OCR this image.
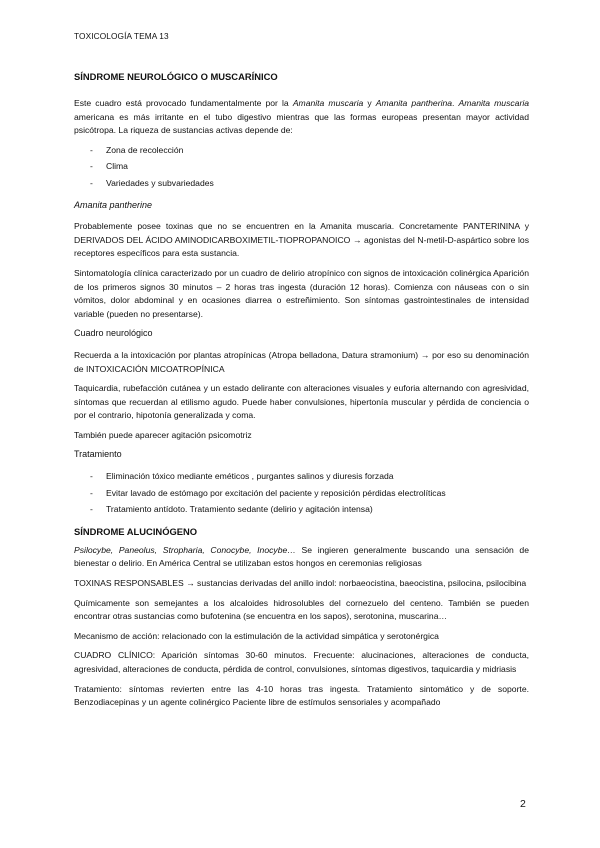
TOXICOLOGÍA TEMA 13
SÍNDROME NEUROLÓGICO O MUSCARÍNICO

Este cuadro está provocado fundamentalmente por la Amanita muscaria y Amanita pantherina. Amanita muscaria americana es más irritante en el tubo digestivo mientras que las formas europeas presentan mayor actividad psicótropa. La riqueza de sustancias activas depende de:

- Zona de recolección
- Clima
- Variedades y subvariedades
Amanita pantherine

Probablemente posee toxinas que no se encuentren en la Amanita muscaria. Concretamente PANTERININA y DERIVADOS DEL ÁCIDO AMINODICARBOXIMETIL-TIOPROPANOICO → agonistas del N-metil-D-aspártico sobre los receptores específicos para esta sustancia.

Sintomatología clínica caracterizado por un cuadro de delirio atropínico con signos de intoxicación colinérgica Aparición de los primeros signos 30 minutos – 2 horas tras ingesta (duración 12 horas). Comienza con náuseas con o sin vómitos, dolor abdominal y en ocasiones diarrea o estreñimiento. Son síntomas gastrointestinales de intensidad variable (pueden no presentarse).

Cuadro neurológico

Recuerda a la intoxicación por plantas atropínicas (Atropa belladona, Datura stramonium) → por eso su denominación de INTOXICACIÓN MICOATROPÍNICA

Taquicardia, rubefacción cutánea y un estado delirante con alteraciones visuales y euforia alternando con agresividad, síntomas que recuerdan al etilismo agudo. Puede haber convulsiones, hipertonía muscular y pérdida de conciencia o por el contrario, hipotonía generalizada y coma.

También puede aparecer agitación psicomotriz

Tratamiento
- Eliminación tóxico mediante eméticos , purgantes salinos y diuresis forzada
- Evitar lavado de estómago por excitación del paciente y reposición pérdidas electrolíticas
- Tratamiento antídoto. Tratamiento sedante (delirio y agitación intensa)
SÍNDROME ALUCINÓGENO

Psilocybe, Paneolus, Stropharia, Conocybe, Inocybe… Se ingieren generalmente buscando una sensación de bienestar o delirio. En América Central se utilizaban estos hongos en ceremonias religiosas

TOXINAS RESPONSABLES → sustancias derivadas del anillo indol: norbaeocistina, baeocistina, psilocina, psilocibina

Químicamente son semejantes a los alcaloides hidrosolubles del cornezuelo del centeno. También se pueden encontrar otras sustancias como bufotenina (se encuentra en los sapos), serotonina, muscarina…

Mecanismo de acción: relacionado con la estimulación de la actividad simpática y serotonérgica

CUADRO CLÍNICO: Aparición síntomas 30-60 minutos. Frecuente: alucinaciones, alteraciones de conducta, agresividad, alteraciones de conducta, pérdida de control, convulsiones, síntomas digestivos, taquicardia y midriasis

Tratamiento: síntomas revierten entre las 4-10 horas tras ingesta. Tratamiento sintomático y de soporte. Benzodiacepinas y un agente colinérgico Paciente libre de estímulos sensoriales y acompañado

2
